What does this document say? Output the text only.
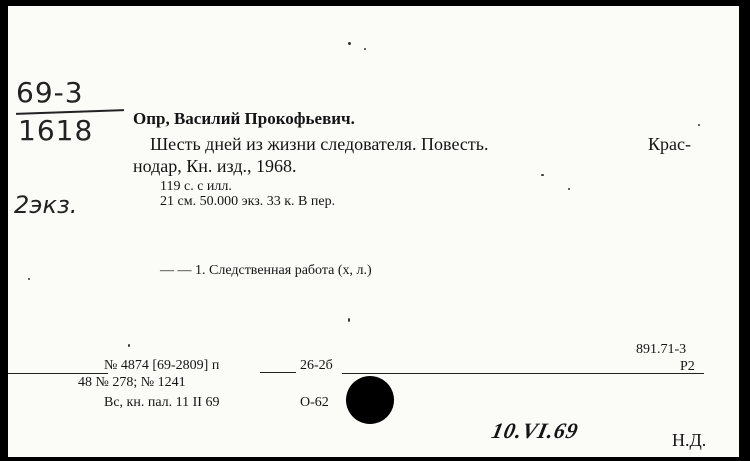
69-3
1618
2экз.
Опр, Василий Прокофьевич.
Шесть дней из жизни следователя. Повесть.	Крас-
нодар, Кн. изд., 1968.
119 с. с илл.
21 см. 50.000 экз. 33 к. В пер.
— — 1. Следственная работа (х, л.)
№ 4874 [69-2809] п	26-2б
891.71-3
Р2
48 № 278; № 1241
Вс, кн. пал. 11 II 69	О-62
10.VI.69	Н.Д.
